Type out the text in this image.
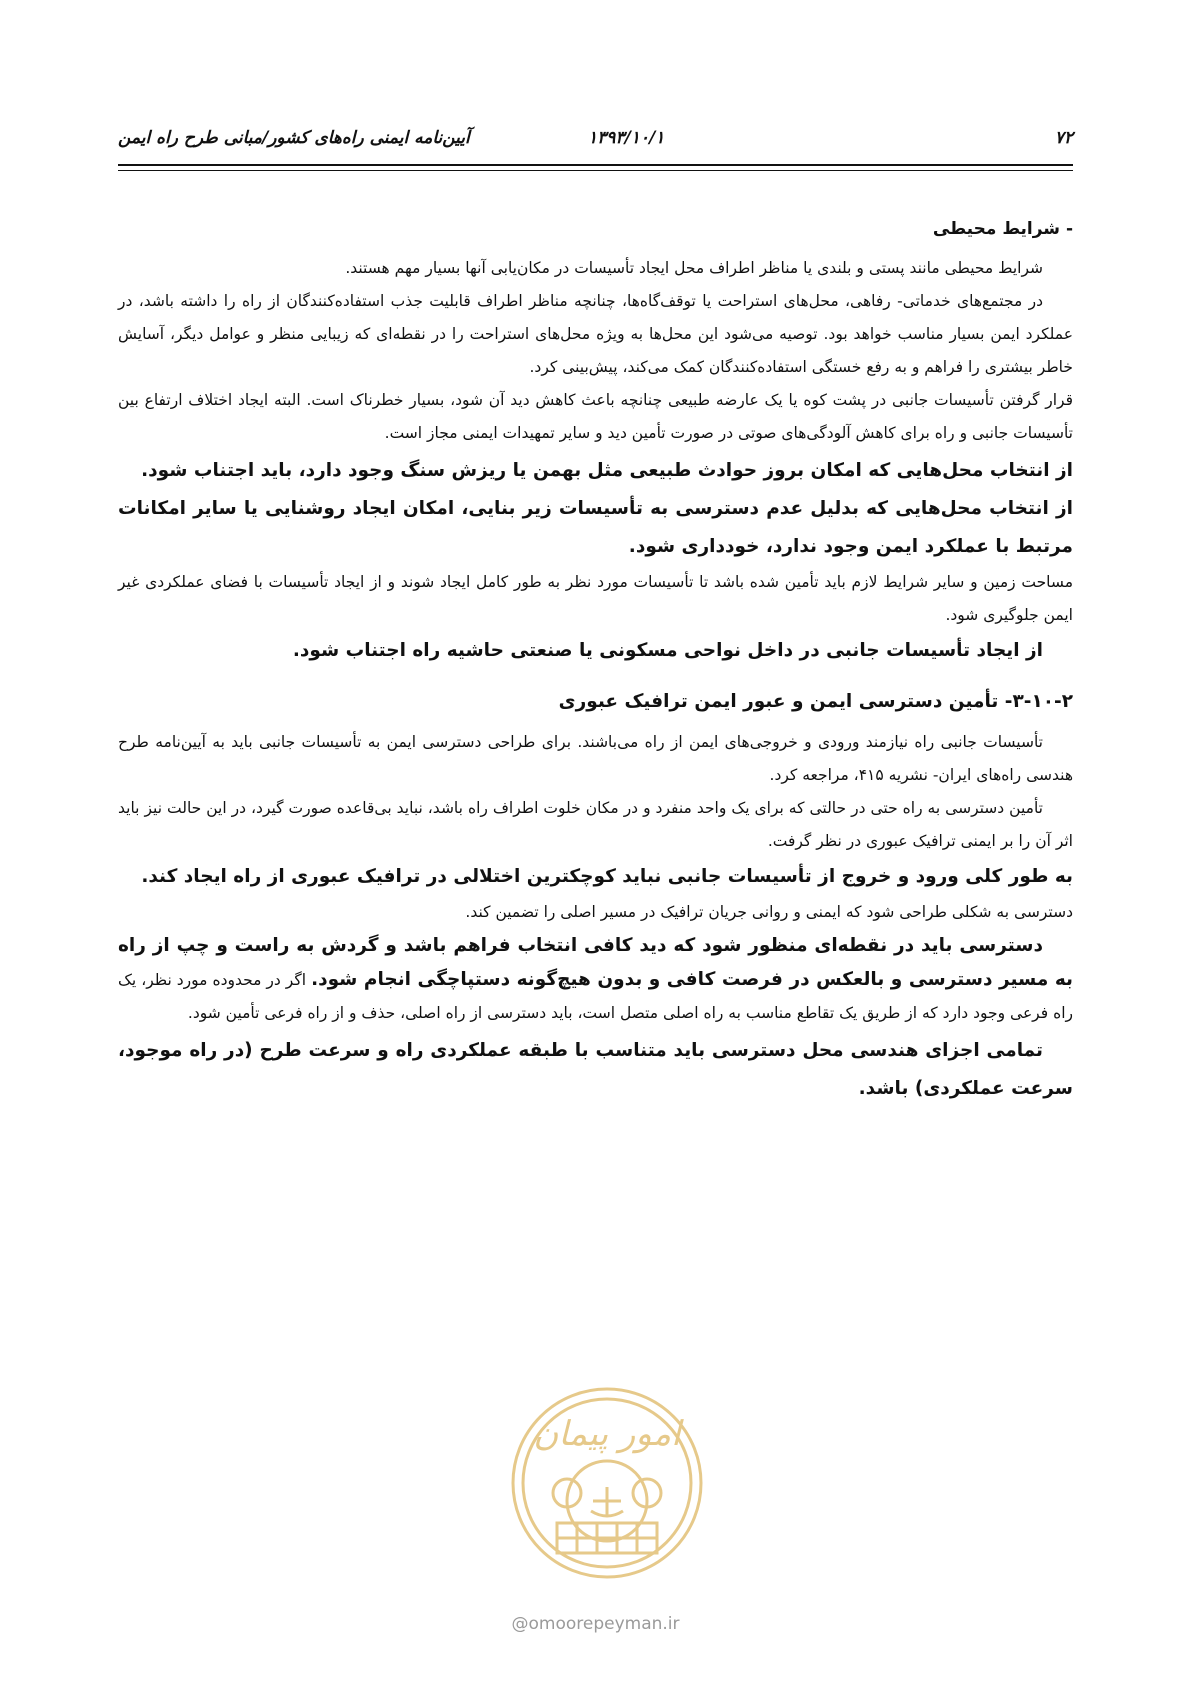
۷۲
۱۳۹۳/۱۰/۱
آیین‌نامه ایمنی راه‌های کشور/مبانی طرح راه ایمن

- شرایط محیطی

شرایط محیطی مانند پستی و بلندی یا مناظر اطراف محل ایجاد تأسیسات در مکان‌یابی آنها بسیار مهم هستند.

در مجتمع‌های خدماتی- رفاهی، محل‌های استراحت یا توقف‌گاه‌ها، چنانچه مناظر اطراف قابلیت جذب استفاده‌کنندگان از راه را داشته باشد، در عملکرد ایمن بسیار مناسب خواهد بود. توصیه می‌شود این محل‌ها به ویژه محل‌های استراحت را در نقطه‌ای که زیبایی منظر و عوامل دیگر، آسایش خاطر بیشتری را فراهم و به رفع خستگی استفاده‌کنندگان کمک می‌کند، پیش‌بینی کرد.

قرار گرفتن تأسیسات جانبی در پشت کوه یا یک عارضه طبیعی چنانچه باعث کاهش دید آن شود، بسیار خطرناک است. البته ایجاد اختلاف ارتفاع بین تأسیسات جانبی و راه برای کاهش آلودگی‌های صوتی در صورت تأمین دید و سایر تمهیدات ایمنی مجاز است.

از انتخاب محل‌هایی که امکان بروز حوادث طبیعی مثل بهمن یا ریزش سنگ وجود دارد، باید اجتناب شود.

از انتخاب محل‌هایی که بدلیل عدم دسترسی به تأسیسات زیر بنایی، امکان ایجاد روشنایی یا سایر امکانات مرتبط با عملکرد ایمن وجود ندارد، خودداری شود.

مساحت زمین و سایر شرایط لازم باید تأمین شده باشد تا تأسیسات مورد نظر به طور کامل ایجاد شوند و از ایجاد تأسیسات با فضای عملکردی غیر ایمن جلوگیری شود.

از ایجاد تأسیسات جانبی در داخل نواحی مسکونی یا صنعتی حاشیه راه اجتناب شود.

۳-۱۰-۲- تأمین دسترسی ایمن و عبور ایمن ترافیک عبوری

تأسیسات جانبی راه نیازمند ورودی و خروجی‌های ایمن از راه می‌باشند. برای طراحی دسترسی ایمن به تأسیسات جانبی باید به آیین‌نامه طرح هندسی راه‌های ایران- نشریه ۴۱۵، مراجعه کرد.

تأمین دسترسی به راه حتی در حالتی که برای یک واحد منفرد و در مکان خلوت اطراف راه باشد، نباید بی‌قاعده صورت گیرد، در این حالت نیز باید اثر آن را بر ایمنی ترافیک عبوری در نظر گرفت.

به طور کلی ورود و خروج از تأسیسات جانبی نباید کوچکترین اختلالی در ترافیک عبوری از راه ایجاد کند.

دسترسی به شکلی طراحی شود که ایمنی و روانی جریان ترافیک در مسیر اصلی را تضمین کند.

دسترسی باید در نقطه‌ای منظور شود که دید کافی انتخاب فراهم باشد و گردش به راست و چپ از راه به مسیر دسترسی و بالعکس در فرصت کافی و بدون هیچ‌گونه دستپاچگی انجام شود. اگر در محدوده مورد نظر، یک راه فرعی وجود دارد که از طریق یک تقاطع مناسب به راه اصلی متصل است، باید دسترسی از راه اصلی، حذف و از راه فرعی تأمین شود.

تمامی اجزای هندسی محل دسترسی باید متناسب با طبقه عملکردی راه و سرعت طرح (در راه موجود، سرعت عملکردی) باشد.

امور پیمان
@omoorepeyman.ir
